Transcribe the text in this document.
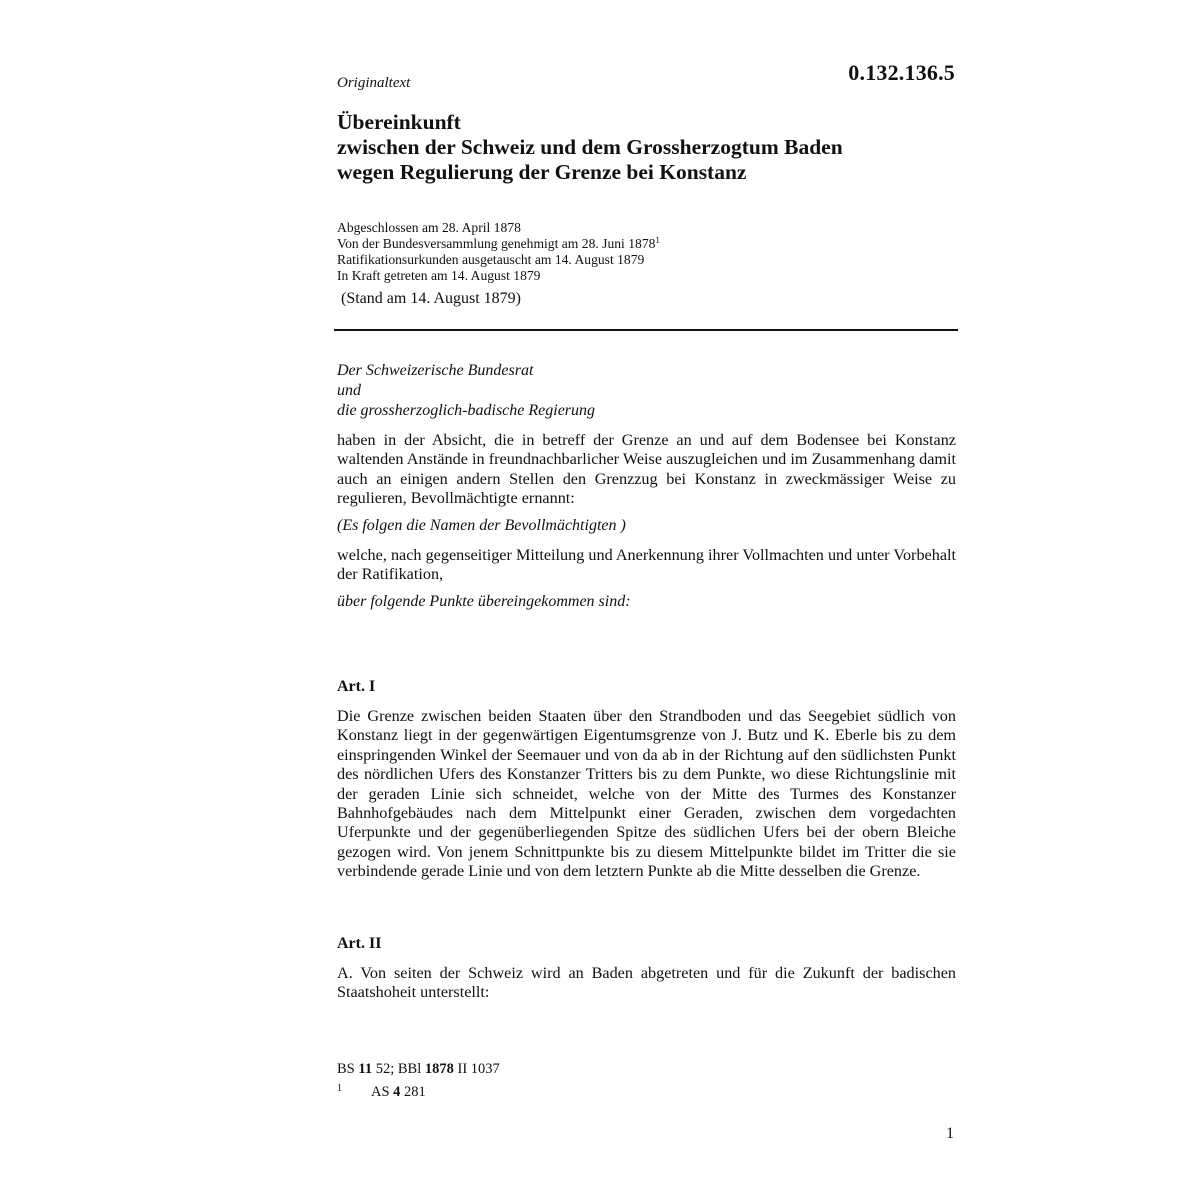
0.132.136.5
Originaltext
Übereinkunft
zwischen der Schweiz und dem Grossherzogtum Baden
wegen Regulierung der Grenze bei Konstanz
Abgeschlossen am 28. April 1878
Von der Bundesversammlung genehmigt am 28. Juni 1878$^1$
Ratifikationsurkunden ausgetauscht am 14. August 1879
In Kraft getreten am 14. August 1879
(Stand am 14. August 1879)
Der Schweizerische Bundesrat
und
die grossherzoglich-badische Regierung

haben in der Absicht, die in betreff der Grenze an und auf dem Bodensee bei Konstanz waltenden Anstände in freundnachbarlicher Weise auszugleichen und im Zusammenhang damit auch an einigen andern Stellen den Grenzzug bei Konstanz in zweckmässiger Weise zu regulieren, Bevollmächtigte ernannt:

(Es folgen die Namen der Bevollmächtigten )

welche, nach gegenseitiger Mitteilung und Anerkennung ihrer Vollmachten und unter Vorbehalt der Ratifikation,

über folgende Punkte übereingekommen sind:
Art. I

Die Grenze zwischen beiden Staaten über den Strandboden und das Seegebiet südlich von Konstanz liegt in der gegenwärtigen Eigentumsgrenze von J. Butz und K. Eberle bis zu dem einspringenden Winkel der Seemauer und von da ab in der Richtung auf den südlichsten Punkt des nördlichen Ufers des Konstanzer Tritters bis zu dem Punkte, wo diese Richtungslinie mit der geraden Linie sich schneidet, welche von der Mitte des Turmes des Konstanzer Bahnhofgebäudes nach dem Mittelpunkt einer Geraden, zwischen dem vorgedachten Uferpunkte und der gegenüberliegenden Spitze des südlichen Ufers bei der obern Bleiche gezogen wird. Von jenem Schnittpunkte bis zu diesem Mittelpunkte bildet im Tritter die sie verbindende gerade Linie und von dem letztern Punkte ab die Mitte desselben die Grenze.

Art. II

A. Von seiten der Schweiz wird an Baden abgetreten und für die Zukunft der badischen Staatshoheit unterstellt:

BS 11 52; BBl 1878 II 1037
1 AS 4 281
1
